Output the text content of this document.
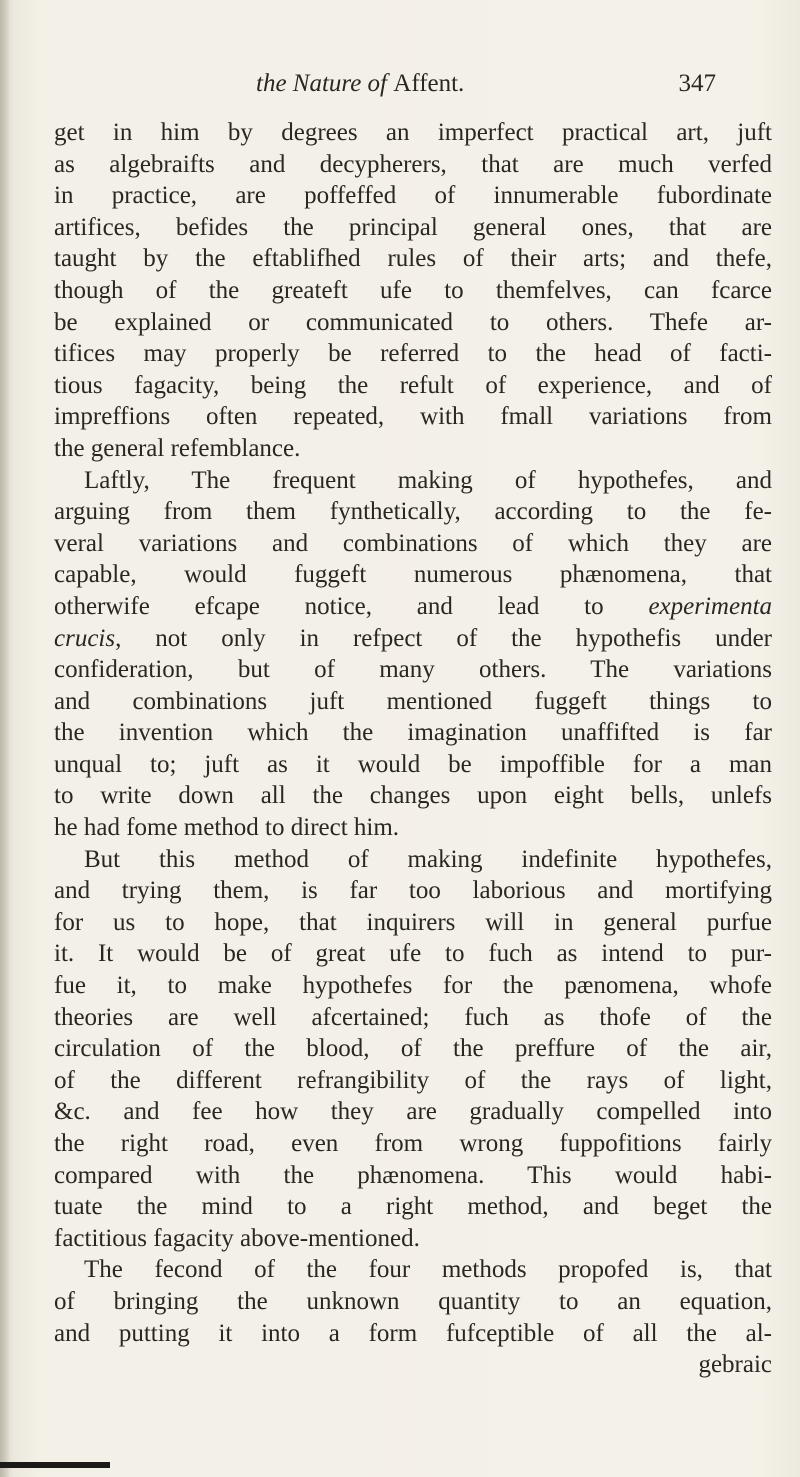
the Nature of Affent.	347
get in him by degrees an imperfect practical art, juft
as algebraifts and decypherers, that are much verfed
in practice, are poffeffed of innumerable fubordinate
artifices, befides the principal general ones, that are
taught by the eftablifhed rules of their arts; and thefe,
though of the greateft ufe to themfelves, can fcarce
be explained or communicated to others. Thefe ar-
tifices may properly be referred to the head of facti-
tious fagacity, being the refult of experience, and of
impreffions often repeated, with fmall variations from
the general refemblance.
Laftly, The frequent making of hypothefes, and
arguing from them fynthetically, according to the fe-
veral variations and combinations of which they are
capable, would fuggeft numerous phænomena, that
otherwife efcape notice, and lead to experimenta
crucis, not only in refpect of the hypothefis under
confideration, but of many others. The variations
and combinations juft mentioned fuggeft things to
the invention which the imagination unaffifted is far
unqual to; juft as it would be impoffible for a man
to write down all the changes upon eight bells, unlefs
he had fome method to direct him.
But this method of making indefinite hypothefes,
and trying them, is far too laborious and mortifying
for us to hope, that inquirers will in general purfue
it. It would be of great ufe to fuch as intend to pur-
fue it, to make hypothefes for the pænomena, whofe
theories are well afcertained; fuch as thofe of the
circulation of the blood, of the preffure of the air,
of the different refrangibility of the rays of light,
&c. and fee how they are gradually compelled into
the right road, even from wrong fuppofitions fairly
compared with the phænomena. This would habi-
tuate the mind to a right method, and beget the
factitious fagacity above-mentioned.
The fecond of the four methods propofed is, that
of bringing the unknown quantity to an equation,
and putting it into a form fufceptible of all the al-
gebraic
